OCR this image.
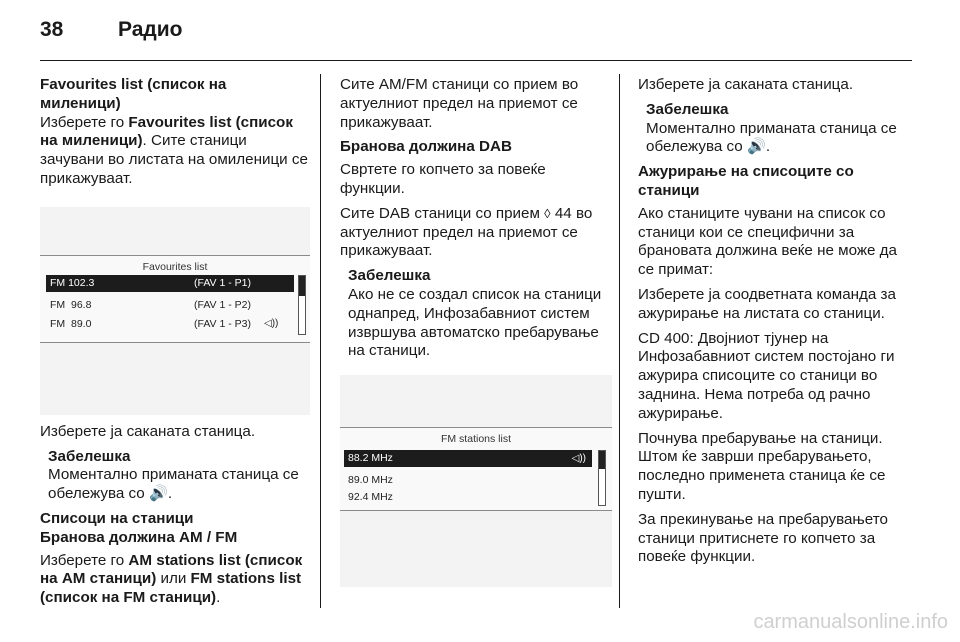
38	Радио

Favourites list (список на миленици)

Изберете го Favourites list (список на миленици). Сите станици зачувани во листата на омиленици се прикажуваат.

Favourites list
FM 102.3	(FAV 1 - P1)
FM  96.8	(FAV 1 - P2)
FM  89.0	(FAV 1 - P3) ◁))

Изберете ја саканата станица.

Забелешка
Моментално приманата станица се обележува со 🔊.

Списоци на станици

Бранова должина АМ / FM

Изберете го AM stations list (список на АМ станици) или FM stations list (список на FM станици).

Сите АМ/FM станици со прием во актуелниот предел на приемот се прикажуваат.

Бранова должина DAB

Свртете го копчето за повеќе функции.

Сите DAB станици со прием ◊ 44 во актуелниот предел на приемот се прикажуваат.

Забелешка
Ако не се создал список на станици однапред, Инфозабавниот систем извршува автоматско пребарување на станици.
FM stations list
88.2 MHz	◁))
89.0 MHz
92.4 MHz

Изберете ја саканата станица.

Забелешка
Моментално приманата станица се обележува со 🔊.

Ажурирање на списоците со станици

Ако станиците чувани на список со станици кои се специфични за брановата должина веќе не може да се примат:

Изберете ја соодветната команда за ажурирање на листата со станици.

CD 400: Двојниот тјунер на Инфозабавниот систем постојано ги ажурира списоците со станици во заднина. Нема потреба од рачно ажурирање.

Почнува пребарување на станици. Штом ќе заврши пребарувањето, последно применета станица ќе се пушти.

За прекинување на пребарувањето станици притиснете го копчето за повеќе функции.

carmanualsonline.info
